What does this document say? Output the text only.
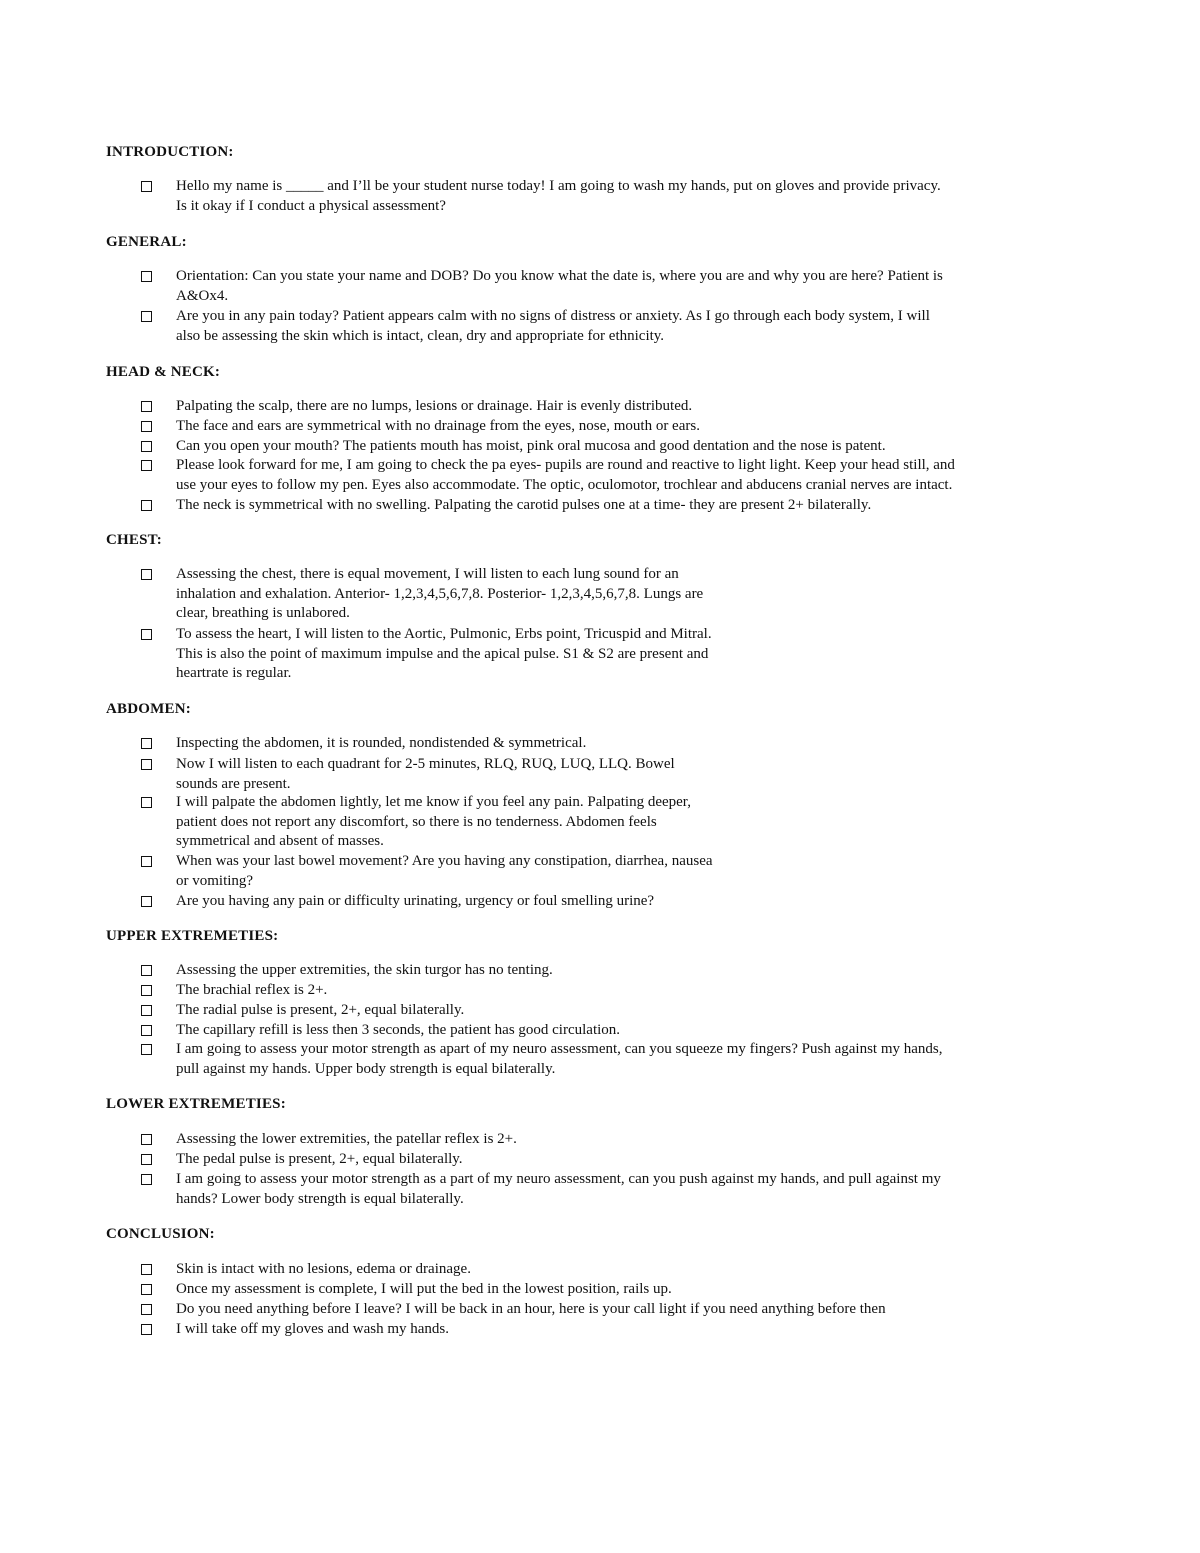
INTRODUCTION:
Hello my name is _____ and I’ll be your student nurse today! I am going to wash my hands, put on gloves and provide privacy.
Is it okay if I conduct a physical assessment?
GENERAL:
Orientation: Can you state your name and DOB? Do you know what the date is, where you are and why you are here? Patient is
A&Ox4.
Are you in any pain today? Patient appears calm with no signs of distress or anxiety. As I go through each body system, I will
also be assessing the skin which is intact, clean, dry and appropriate for ethnicity.
HEAD & NECK:
Palpating the scalp, there are no lumps, lesions or drainage. Hair is evenly distributed.
The face and ears are symmetrical with no drainage from the eyes, nose, mouth or ears.
Can you open your mouth? The patients mouth has moist, pink oral mucosa and good dentation and the nose is patent.
Please look forward for me, I am going to check the pa eyes- pupils are round and reactive to light light. Keep your head still, and
use your eyes to follow my pen. Eyes also accommodate. The optic, oculomotor, trochlear and abducens cranial nerves are intact.
The neck is symmetrical with no swelling. Palpating the carotid pulses one at a time- they are present 2+ bilaterally.
CHEST:
Assessing the chest, there is equal movement, I will listen to each lung sound for an
inhalation and exhalation. Anterior- 1,2,3,4,5,6,7,8. Posterior- 1,2,3,4,5,6,7,8. Lungs are
clear, breathing is unlabored.
To assess the heart, I will listen to the Aortic, Pulmonic, Erbs point, Tricuspid and Mitral.
This is also the point of maximum impulse and the apical pulse. S1 & S2 are present and
heartrate is regular.
ABDOMEN:
Inspecting the abdomen, it is rounded, nondistended & symmetrical.
Now I will listen to each quadrant for 2-5 minutes, RLQ, RUQ, LUQ, LLQ. Bowel
sounds are present.
I will palpate the abdomen lightly, let me know if you feel any pain. Palpating deeper,
patient does not report any discomfort, so there is no tenderness. Abdomen feels
symmetrical and absent of masses.
When was your last bowel movement? Are you having any constipation, diarrhea, nausea
or vomiting?
Are you having any pain or difficulty urinating, urgency or foul smelling urine?
UPPER EXTREMETIES:
Assessing the upper extremities, the skin turgor has no tenting.
The brachial reflex is 2+.
The radial pulse is present, 2+, equal bilaterally.
The capillary refill is less then 3 seconds, the patient has good circulation.
I am going to assess your motor strength as apart of my neuro assessment, can you squeeze my fingers? Push against my hands,
pull against my hands. Upper body strength is equal bilaterally.
LOWER EXTREMETIES:
Assessing the lower extremities, the patellar reflex is 2+.
The pedal pulse is present, 2+, equal bilaterally.
I am going to assess your motor strength as a part of my neuro assessment, can you push against my hands, and pull against my
hands? Lower body strength is equal bilaterally.
CONCLUSION:
Skin is intact with no lesions, edema or drainage.
Once my assessment is complete, I will put the bed in the lowest position, rails up.
Do you need anything before I leave? I will be back in an hour, here is your call light if you need anything before then
I will take off my gloves and wash my hands.
